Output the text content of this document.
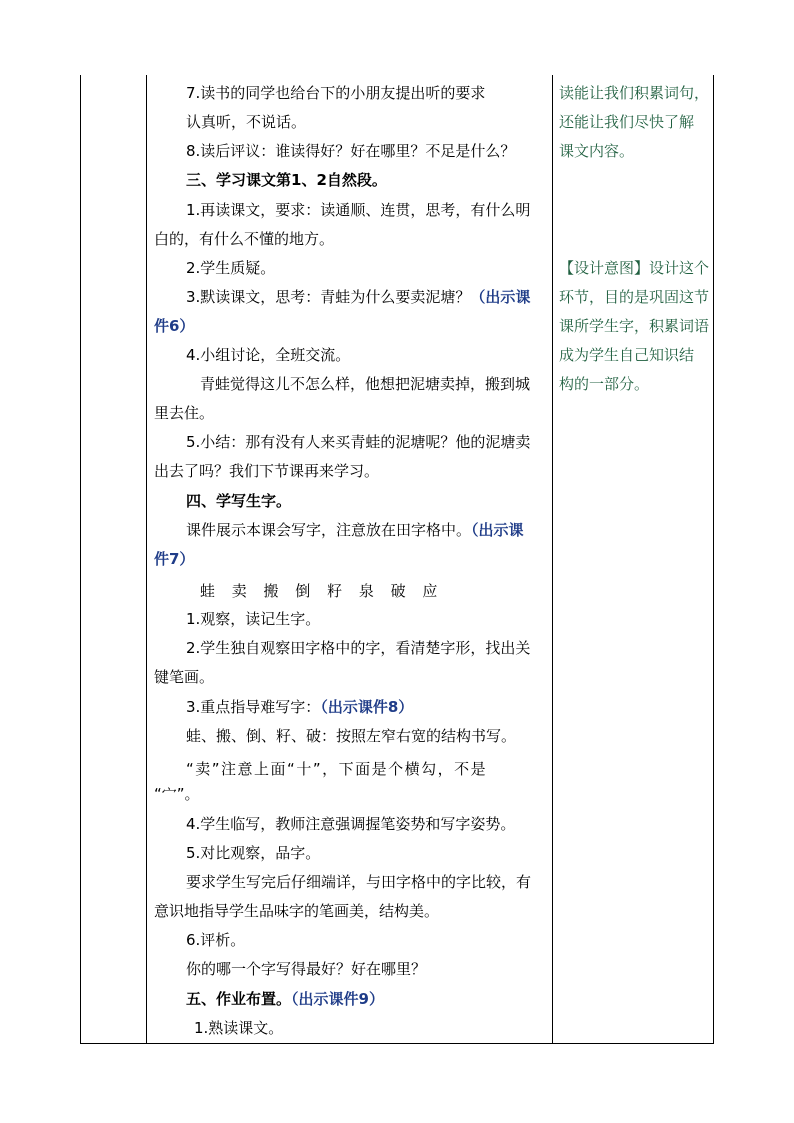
7.读书的同学也给台下的小朋友提出听的要求
认真听，不说话。
8.读后评议：谁读得好？好在哪里？不足是什么？
三、学习课文第1、2自然段。
1.再读课文，要求：读通顺、连贯，思考，有什么明
白的，有什么不懂的地方。
2.学生质疑。
3.默读课文，思考：青蛙为什么要卖泥塘？（出示课
件6）
4.小组讨论，全班交流。
青蛙觉得这儿不怎么样，他想把泥塘卖掉，搬到城
里去住。
5.小结：那有没有人来买青蛙的泥塘呢？他的泥塘卖
出去了吗？我们下节课再来学习。
四、学写生字。
课件展示本课会写字，注意放在田字格中。（出示课
件7）
蛙 卖 搬 倒 籽 泉 破 应
1.观察，读记生字。
2.学生独自观察田字格中的字，看清楚字形，找出关
键笔画。
3.重点指导难写字：（出示课件8）
蛙、搬、倒、籽、破：按照左窄右宽的结构书写。
“卖”注意上面“十”，下面是个横勾，不是
“宀”。
4.学生临写，教师注意强调握笔姿势和写字姿势。
5.对比观察，品字。
要求学生写完后仔细端详，与田字格中的字比较，有
意识地指导学生品味字的笔画美，结构美。
6.评析。
你的哪一个字写得最好？好在哪里？
五、作业布置。（出示课件9）
1.熟读课文。
读能让我们积累词句，
还能让我们尽快了解
课文内容。
【设计意图】设计这个
环节，目的是巩固这节
课所学生字，积累词语
成为学生自己知识结
构的一部分。
